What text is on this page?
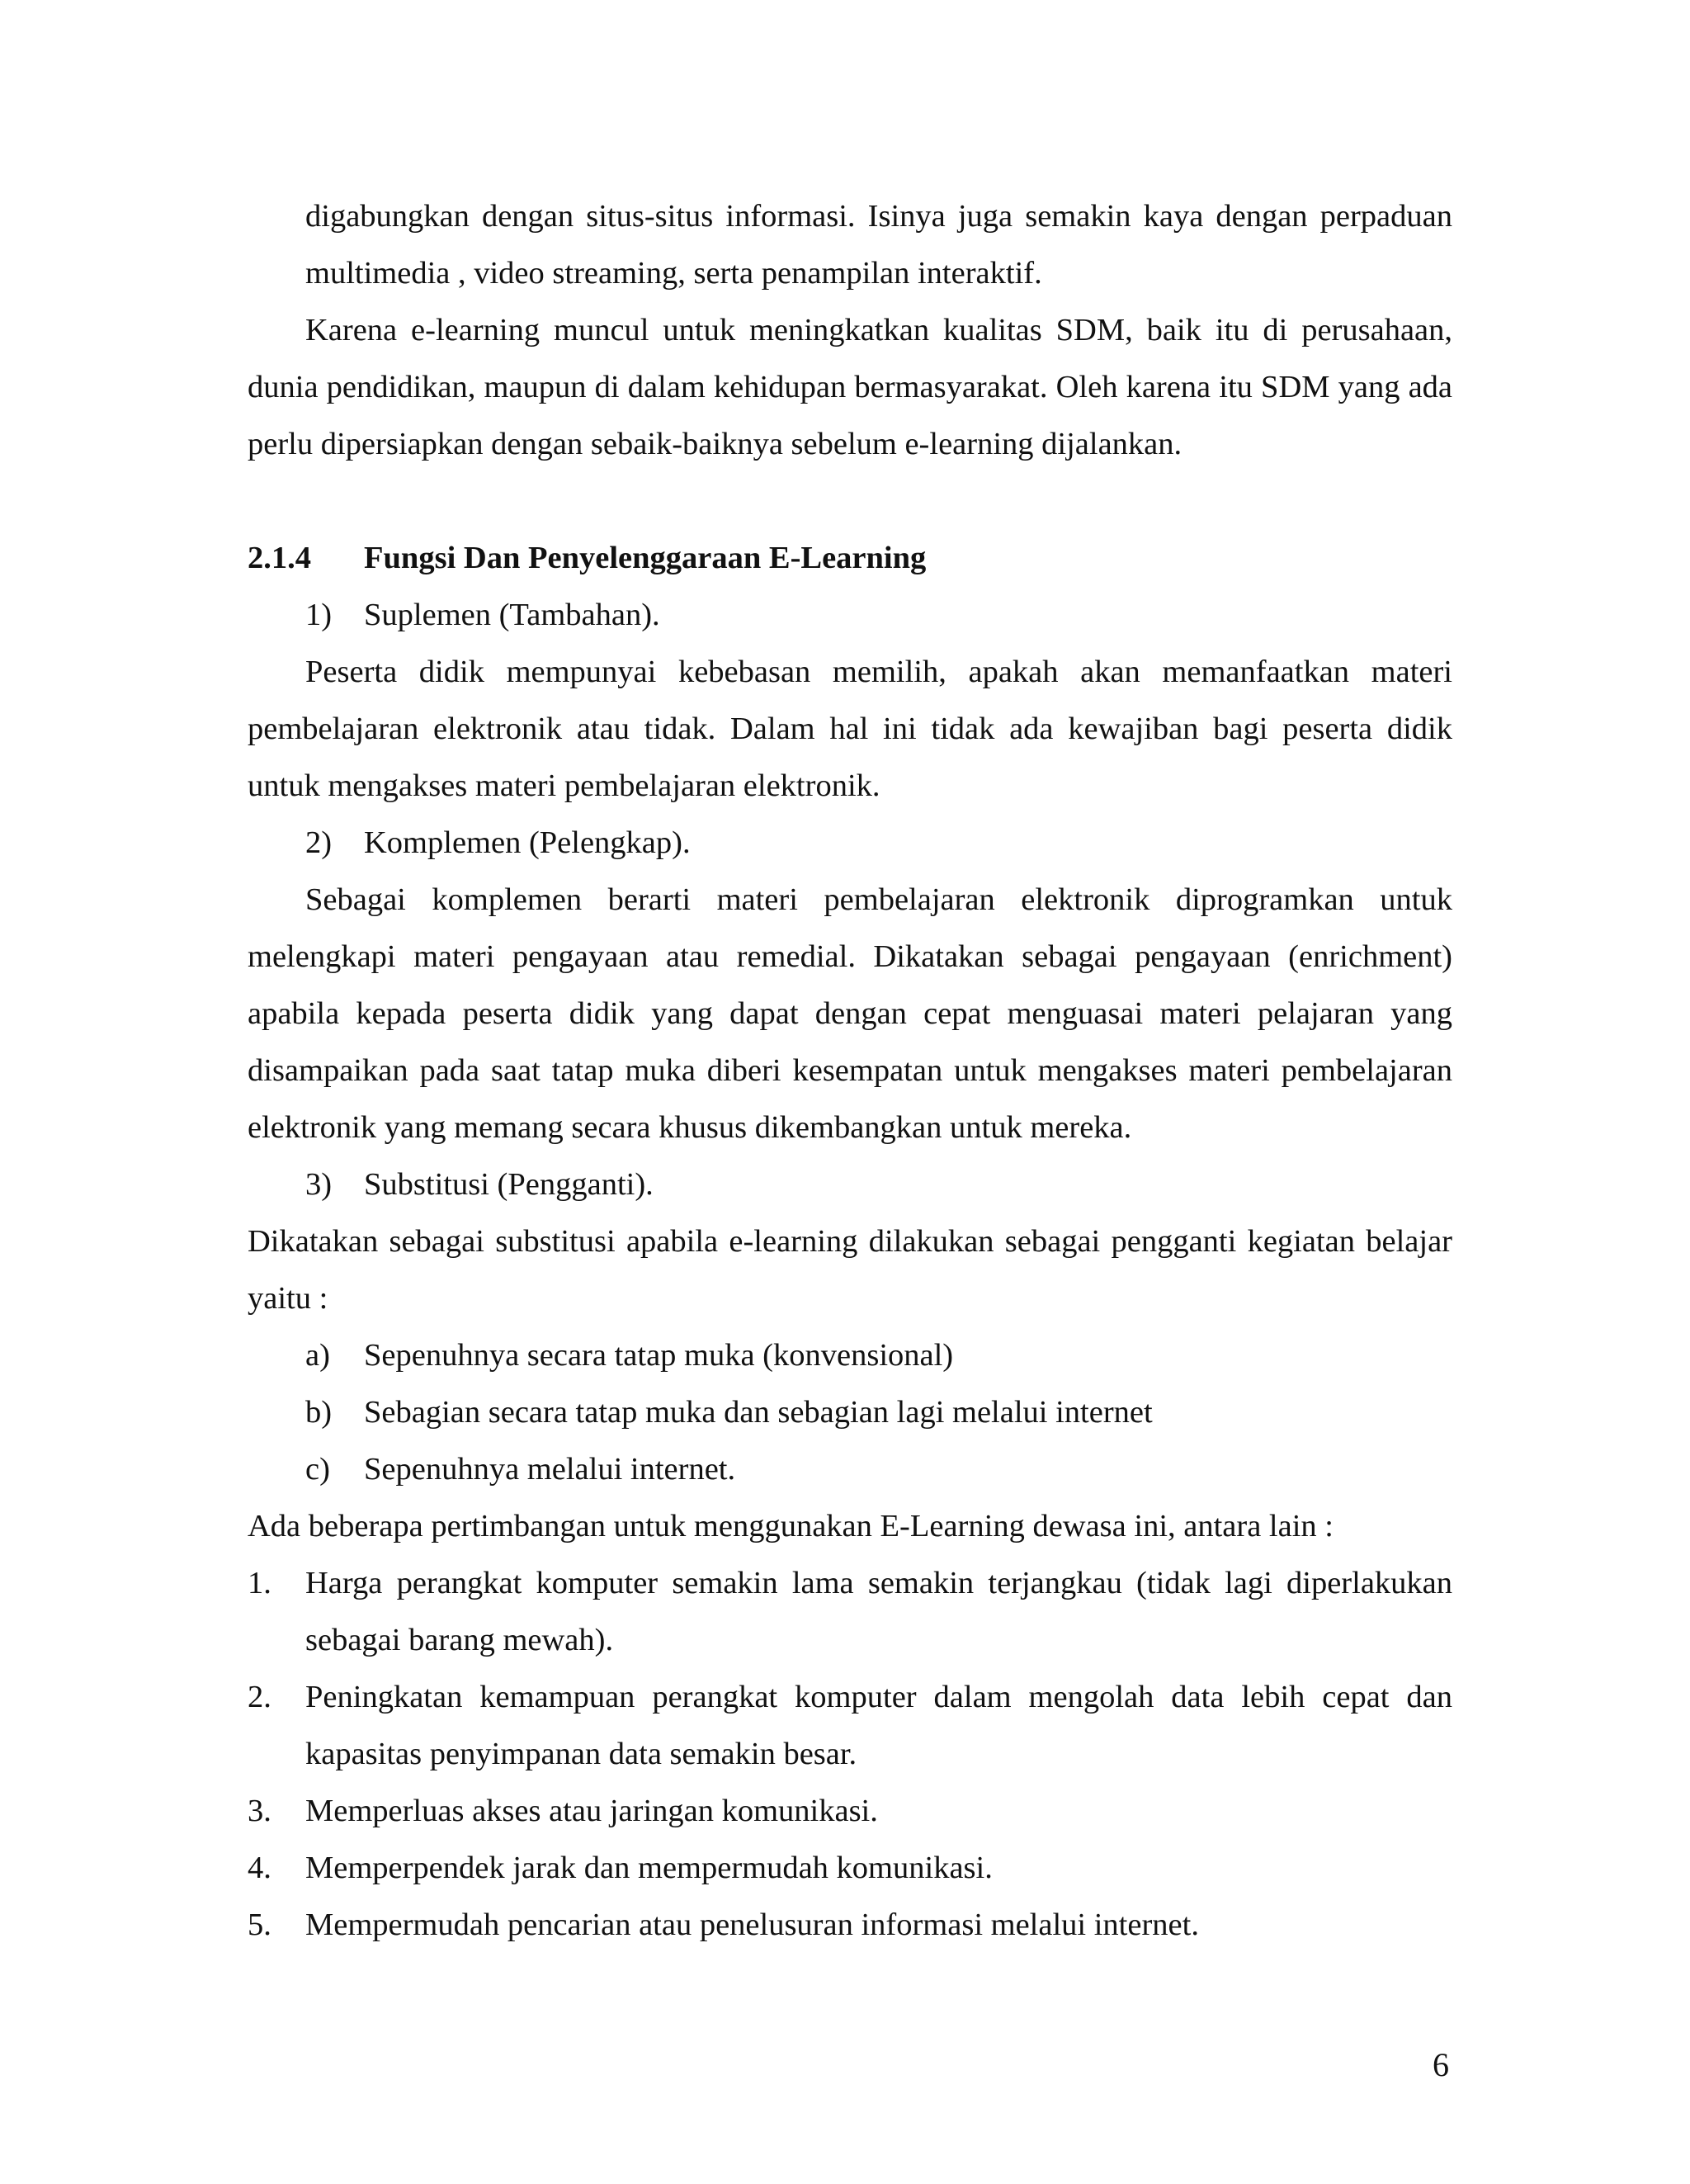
digabungkan dengan situs-situs informasi. Isinya juga semakin kaya dengan perpaduan multimedia , video streaming, serta penampilan interaktif.

Karena e-learning muncul untuk meningkatkan kualitas SDM, baik itu di perusahaan, dunia pendidikan, maupun di dalam kehidupan bermasyarakat. Oleh karena itu SDM yang ada perlu dipersiapkan dengan sebaik-baiknya sebelum e-learning dijalankan.

2.1.4	Fungsi Dan Penyelenggaraan E-Learning
1)	Suplemen (Tambahan).

Peserta didik mempunyai kebebasan memilih, apakah akan memanfaatkan materi pembelajaran elektronik atau tidak. Dalam hal ini tidak ada kewajiban bagi peserta didik untuk mengakses materi pembelajaran elektronik.

2)	Komplemen (Pelengkap).

Sebagai komplemen berarti materi pembelajaran elektronik diprogramkan untuk melengkapi materi pengayaan atau remedial. Dikatakan sebagai pengayaan (enrichment) apabila kepada peserta didik yang dapat dengan cepat menguasai materi pelajaran yang disampaikan pada saat tatap muka diberi kesempatan untuk mengakses materi pembelajaran elektronik yang memang secara khusus dikembangkan untuk mereka.

3)	Substitusi (Pengganti).

Dikatakan sebagai substitusi apabila e-learning dilakukan sebagai pengganti kegiatan belajar yaitu :

a)	Sepenuhnya secara tatap muka (konvensional)
b)	Sebagian secara tatap muka dan sebagian lagi melalui internet
c)	Sepenuhnya melalui internet.

Ada beberapa pertimbangan untuk menggunakan E-Learning dewasa ini, antara lain :

1.	Harga perangkat komputer semakin lama semakin terjangkau (tidak lagi diperlakukan sebagai barang mewah).
2.	Peningkatan kemampuan perangkat komputer dalam mengolah data lebih cepat dan kapasitas penyimpanan data semakin besar.
3.	Memperluas akses atau jaringan komunikasi.
4.	Memperpendek jarak dan mempermudah komunikasi.
5.	Mempermudah pencarian atau penelusuran informasi melalui internet.
6
